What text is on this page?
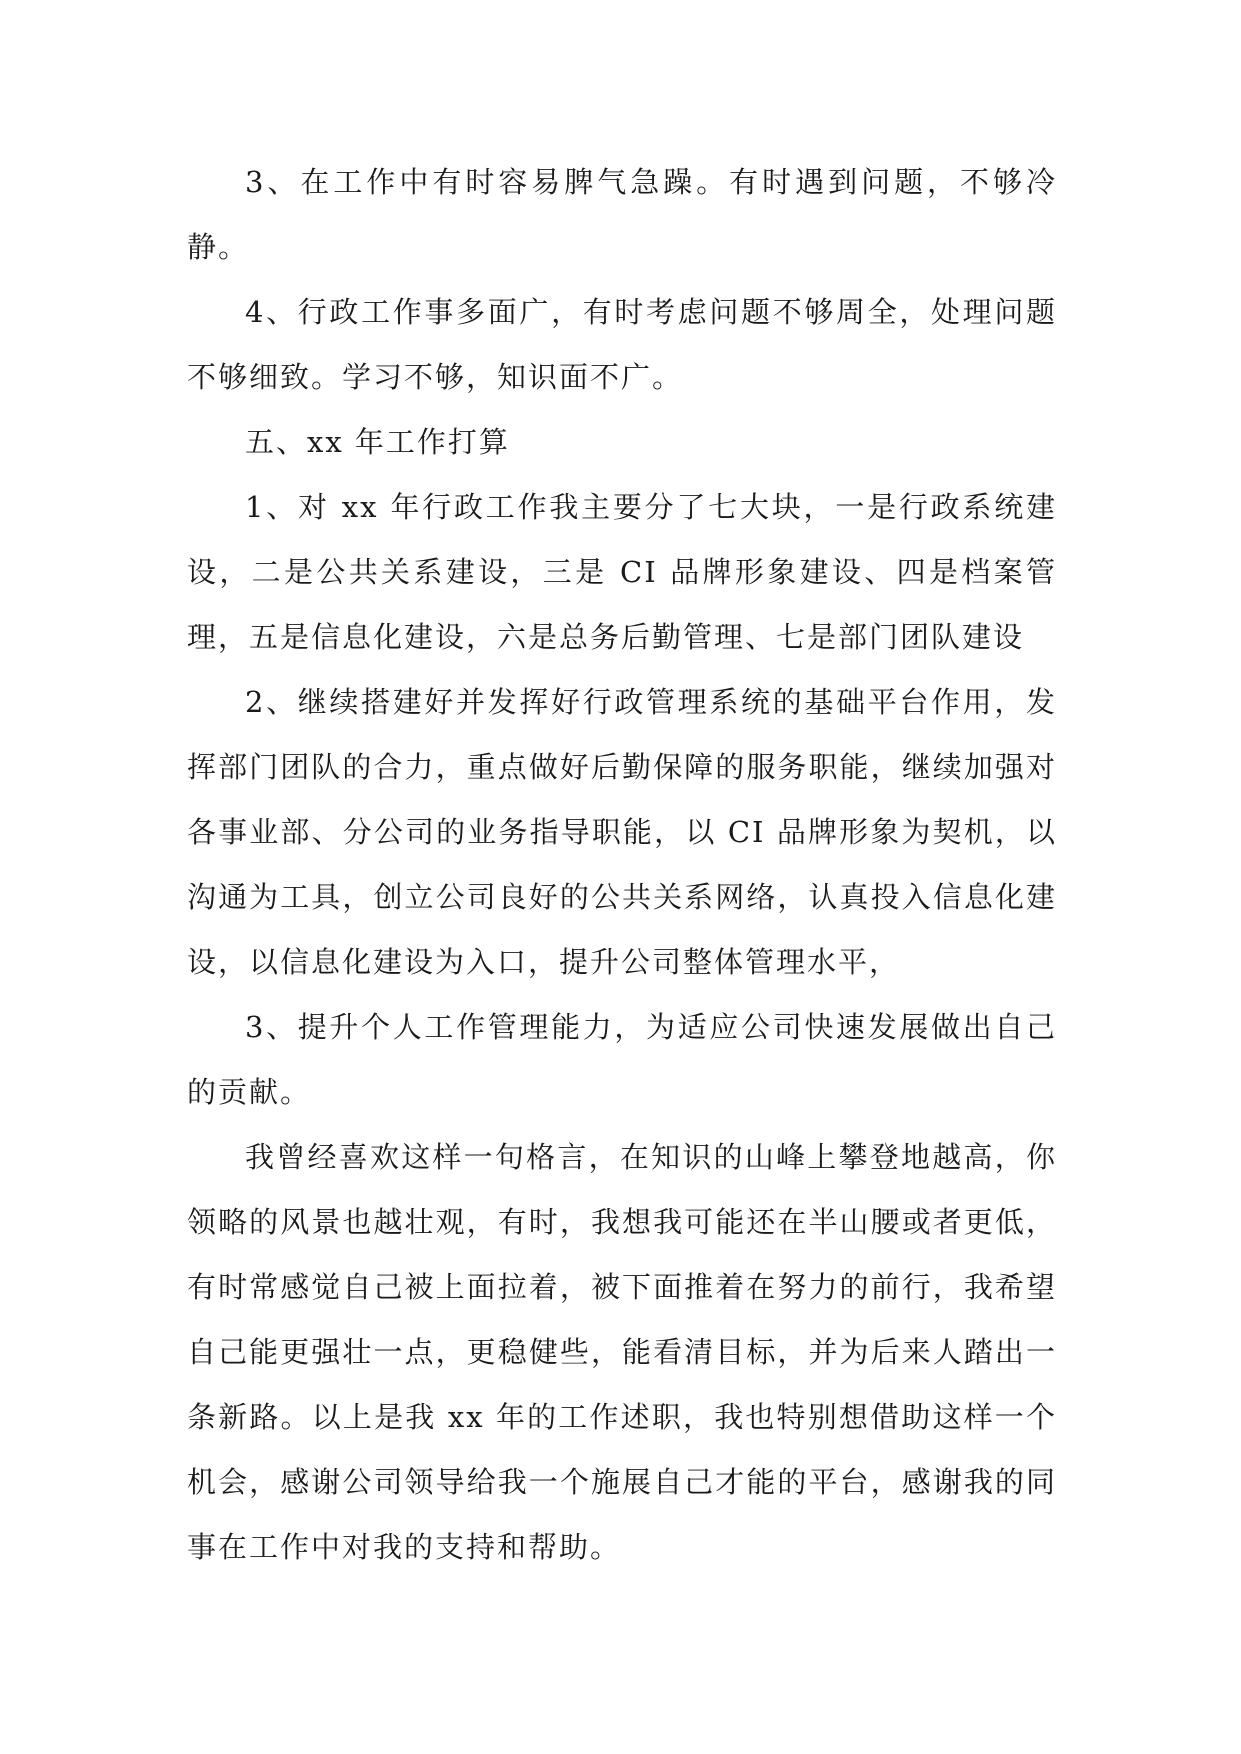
3、在工作中有时容易脾气急躁。有时遇到问题，不够冷静。

4、行政工作事多面广，有时考虑问题不够周全，处理问题不够细致。学习不够，知识面不广。

五、xx 年工作打算

1、对 xx 年行政工作我主要分了七大块，一是行政系统建设，二是公共关系建设，三是 CI 品牌形象建设、四是档案管理，五是信息化建设，六是总务后勤管理、七是部门团队建设

2、继续搭建好并发挥好行政管理系统的基础平台作用，发挥部门团队的合力，重点做好后勤保障的服务职能，继续加强对各事业部、分公司的业务指导职能，以 CI 品牌形象为契机，以沟通为工具，创立公司良好的公共关系网络，认真投入信息化建设，以信息化建设为入口，提升公司整体管理水平，

3、提升个人工作管理能力，为适应公司快速发展做出自己的贡献。

我曾经喜欢这样一句格言，在知识的山峰上攀登地越高，你领略的风景也越壮观，有时，我想我可能还在半山腰或者更低，有时常感觉自己被上面拉着，被下面推着在努力的前行，我希望自己能更强壮一点，更稳健些，能看清目标，并为后来人踏出一条新路。以上是我 xx 年的工作述职，我也特别想借助这样一个机会，感谢公司领导给我一个施展自己才能的平台，感谢我的同事在工作中对我的支持和帮助。
